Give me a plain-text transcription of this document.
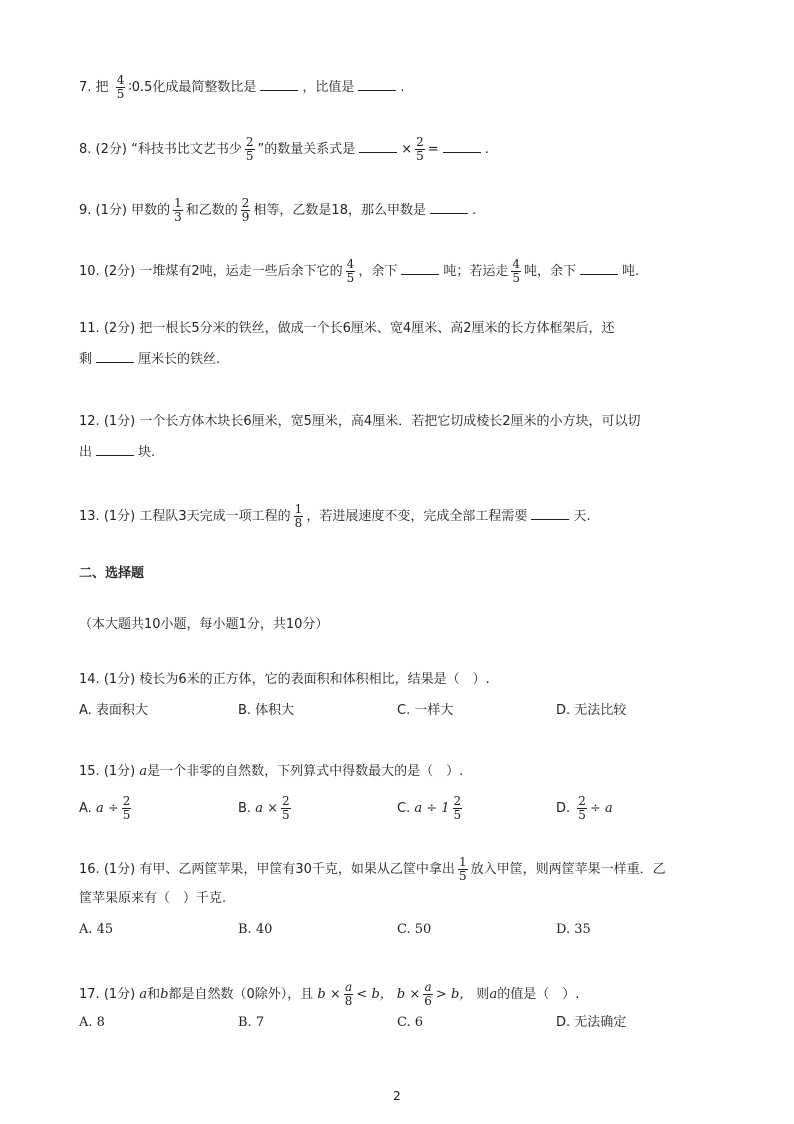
7. 把 $\frac{4}{5}$ ∶0.5化成最简整数比是	，比值是	.
8. (2分) “科技书比文艺书少 $\frac{2}{5}$ ”的数量关系式是	× $\frac{2}{5}$ =	.
9. (1分) 甲数的 $\frac{1}{3}$ 和乙数的 $\frac{2}{9}$ 相等，乙数是18，那么甲数是	.
10. (2分) 一堆煤有2吨，运走一些后余下它的 $\frac{4}{5}$ ，余下	吨；若运走 $\frac{4}{5}$ 吨，余下	吨.
11. (2分) 把一根长5分米的铁丝，做成一个长6厘米、宽4厘米、高2厘米的长方体框架后，还
剩	厘米长的铁丝.
12. (1分) 一个长方体木块长6厘米，宽5厘米，高4厘米．若把它切成棱长2厘米的小方块，可以切
出	块.
13. (1分) 工程队3天完成一项工程的 $\frac{1}{8}$ ，若进展速度不变，完成全部工程需要	天.
二、选择题
（本大题共10小题，每小题1分，共10分）
14. (1分) 棱长为6米的正方体，它的表面积和体积相比，结果是（　）.
A. 表面积大	B. 体积大	C. 一样大	D. 无法比较
15. (1分) a是一个非零的自然数，下列算式中得数最大的是（　）.
A. $a \div \frac{2}{5}$	B. $a \times \frac{2}{5}$	C. $a \div 1 \frac{2}{5}$	D. $\frac{2}{5} \div a$
16. (1分) 有甲、乙两筐苹果，甲筐有30千克，如果从乙筐中拿出 $\frac{1}{5}$ 放入甲筐，则两筐苹果一样重．乙
筐苹果原来有（　）千克.
A. 45	B. 40	C. 50	D. 35
17. (1分) a和b都是自然数（0除外），且 $b \times \frac{a}{8} < b$， $b \times \frac{a}{6} > b$， 则a的值是（　）.
A. 8	B. 7	C. 6	D. 无法确定
2
